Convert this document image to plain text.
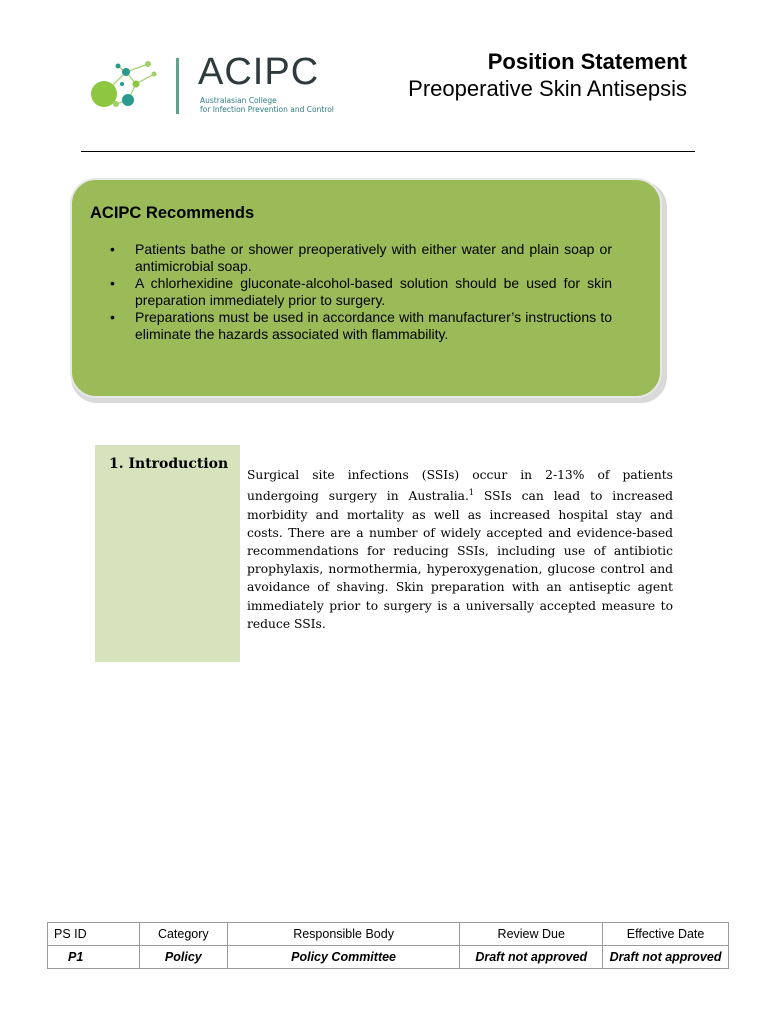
ACIPC
Australasian College
for Infection Prevention and Control
Position Statement
Preoperative Skin Antisepsis
ACIPC Recommends
• Patients bathe or shower preoperatively with either water and plain soap or antimicrobial soap.
• A chlorhexidine gluconate-alcohol-based solution should be used for skin preparation immediately prior to surgery.
• Preparations must be used in accordance with manufacturer’s instructions to eliminate the hazards associated with flammability.
1. Introduction
Surgical site infections (SSIs) occur in 2-13% of patients undergoing surgery in Australia.$^1$ SSIs can lead to increased morbidity and mortality as well as increased hospital stay and costs. There are a number of widely accepted and evidence-based recommendations for reducing SSIs, including use of antibiotic prophylaxis, normothermia, hyperoxygenation, glucose control and avoidance of shaving. Skin preparation with an antiseptic agent immediately prior to surgery is a universally accepted measure to reduce SSIs.
PS ID	Category	Responsible Body	Review Due	Effective Date
P1	Policy	Policy Committee	Draft not approved	Draft not approved
